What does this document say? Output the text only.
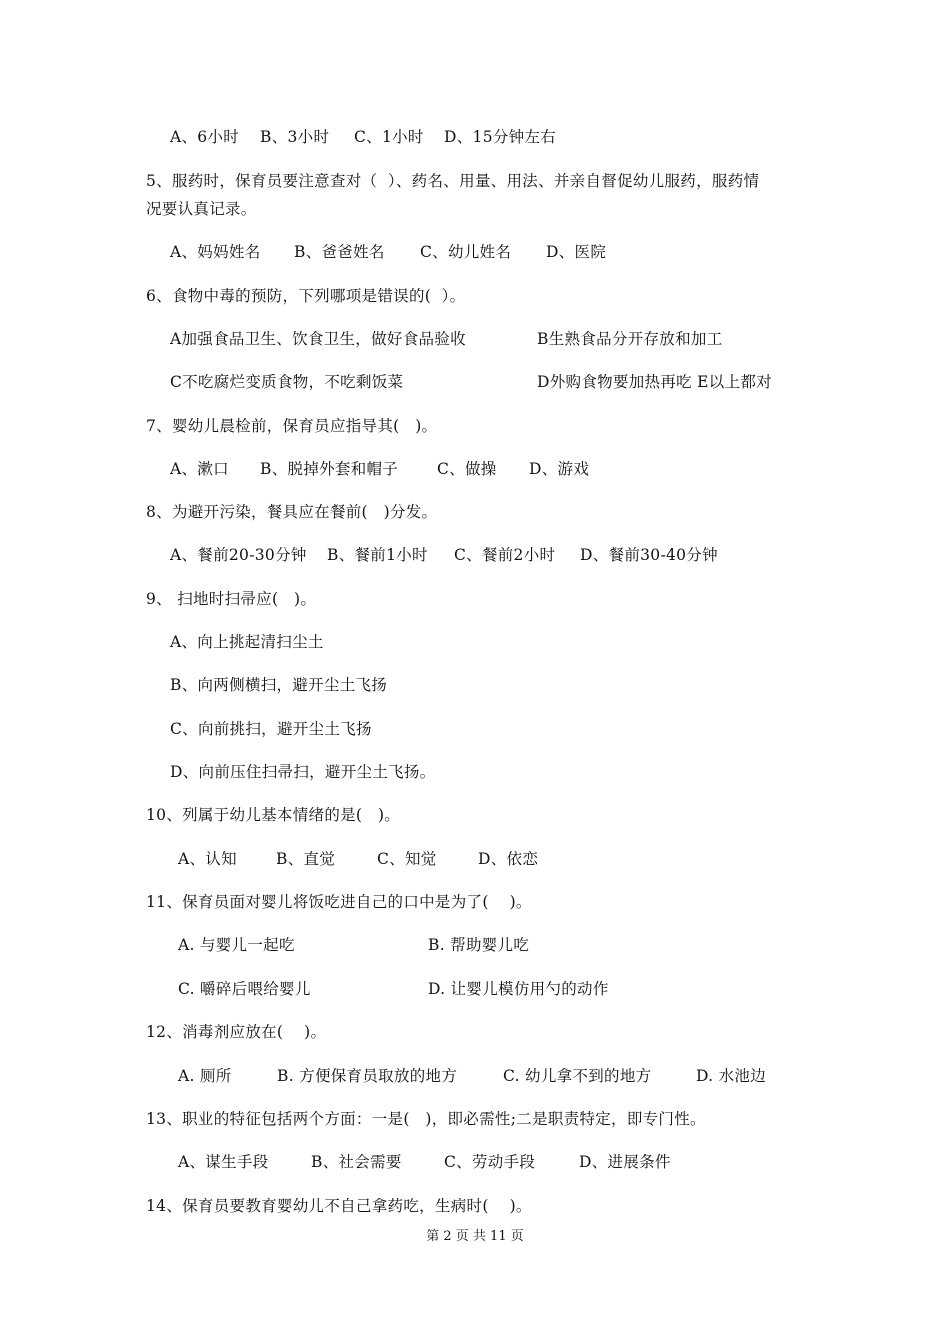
A、6小时

B、3小时

C、1小时

D、15分钟左右

5、服药时，保育员要注意查对（  ）、药名、用量、用法、并亲自督促幼儿服药，服药情
况要认真记录。

A、妈妈姓名

B、爸爸姓名

C、幼儿姓名

D、医院

6、食物中毒的预防，下列哪项是错误的(  ）。

A加强食品卫生、饮食卫生，做好食品验收

	B生熟食品分开存放和加工

C不吃腐烂变质食物，不吃剩饭菜

	D外购食物要加热再吃 E以上都对

7、婴幼儿晨检前，保育员应指导其(   )。

A、漱口

B、脱掉外套和帽子

	C、做操

D、游戏

8、为避开污染，餐具应在餐前(   )分发。

A、餐前20-30分钟

B、餐前1小时

C、餐前2小时

D、餐前30-40分钟

9、 扫地时扫帚应(   )。
A、向上挑起清扫尘土
B、向两侧横扫，避开尘土飞扬
C、向前挑扫，避开尘土飞扬
D、向前压住扫帚扫，避开尘土飞扬。
10、列属于幼儿基本情绪的是(   )。

A、认知

	B、直觉

	C、知觉

	D、依恋

11、保育员面对婴儿将饭吃进自己的口中是为了(    )。

A. 与婴儿一起吃

	B. 帮助婴儿吃

C. 嚼碎后喂给婴儿

	D. 让婴儿模仿用勺的动作

12、消毒剂应放在(    )。

A. 厕所

	B. 方便保育员取放的地方

	C. 幼儿拿不到的地方

	D. 水池边

13、职业的特征包括两个方面：一是(   )，即必需性;二是职责特定，即专门性。

A、谋生手段

	B、社会需要

	C、劳动手段

	D、进展条件

14、保育员要教育婴幼儿不自己拿药吃，生病时(    )。
第 2 页 共 11 页
